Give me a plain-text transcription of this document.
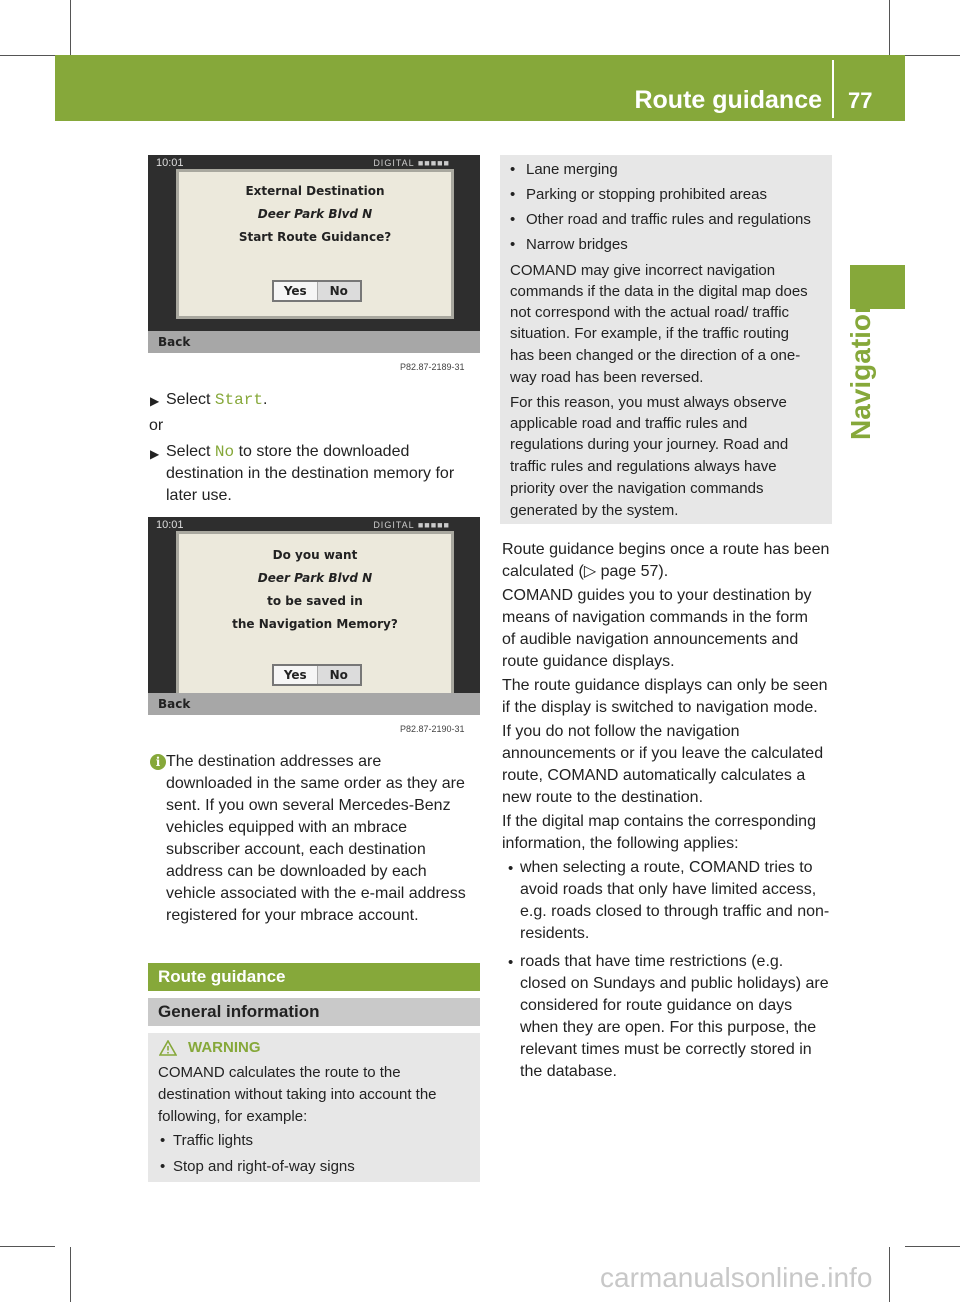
Route guidance 77
Navigation
10:01	DIGITAL ■■■■■
External Destination
Deer Park Blvd N
Start Route Guidance?
Yes	No
Back
P82.87-2189-31
▶ Select Start.
or
▶ Select No to store the downloaded
destination in the destination memory for
later use.
10:01	DIGITAL ■■■■■
Do you want
Deer Park Blvd N
to be saved in
the Navigation Memory?
Yes	No
Back
P82.87-2190-31
i The destination addresses are
downloaded in the same order as they are
sent. If you own several Mercedes-Benz
vehicles equipped with an mbrace
subscriber account, each destination
address can be downloaded by each
vehicle associated with the e-mail address
registered for your mbrace account.
Route guidance
General information
WARNING
COMAND calculates the route to the
destination without taking into account the
following, for example:
• Traffic lights
• Stop and right-of-way signs
• Lane merging
• Parking or stopping prohibited areas
• Other road and traffic rules and regulations
• Narrow bridges
COMAND may give incorrect navigation
commands if the data in the digital map does
not correspond with the actual road/ traffic
situation. For example, if the traffic routing
has been changed or the direction of a one-
way road has been reversed.
For this reason, you must always observe
applicable road and traffic rules and
regulations during your journey. Road and
traffic rules and regulations always have
priority over the navigation commands
generated by the system.
Route guidance begins once a route has been
calculated (▷ page 57).
COMAND guides you to your destination by
means of navigation commands in the form
of audible navigation announcements and
route guidance displays.
The route guidance displays can only be seen
if the display is switched to navigation mode.
If you do not follow the navigation
announcements or if you leave the calculated
route, COMAND automatically calculates a
new route to the destination.
If the digital map contains the corresponding
information, the following applies:
• when selecting a route, COMAND tries to
avoid roads that only have limited access,
e.g. roads closed to through traffic and non-
residents.
• roads that have time restrictions (e.g.
closed on Sundays and public holidays) are
considered for route guidance on days
when they are open. For this purpose, the
relevant times must be correctly stored in
the database.
carmanualsonline.info
